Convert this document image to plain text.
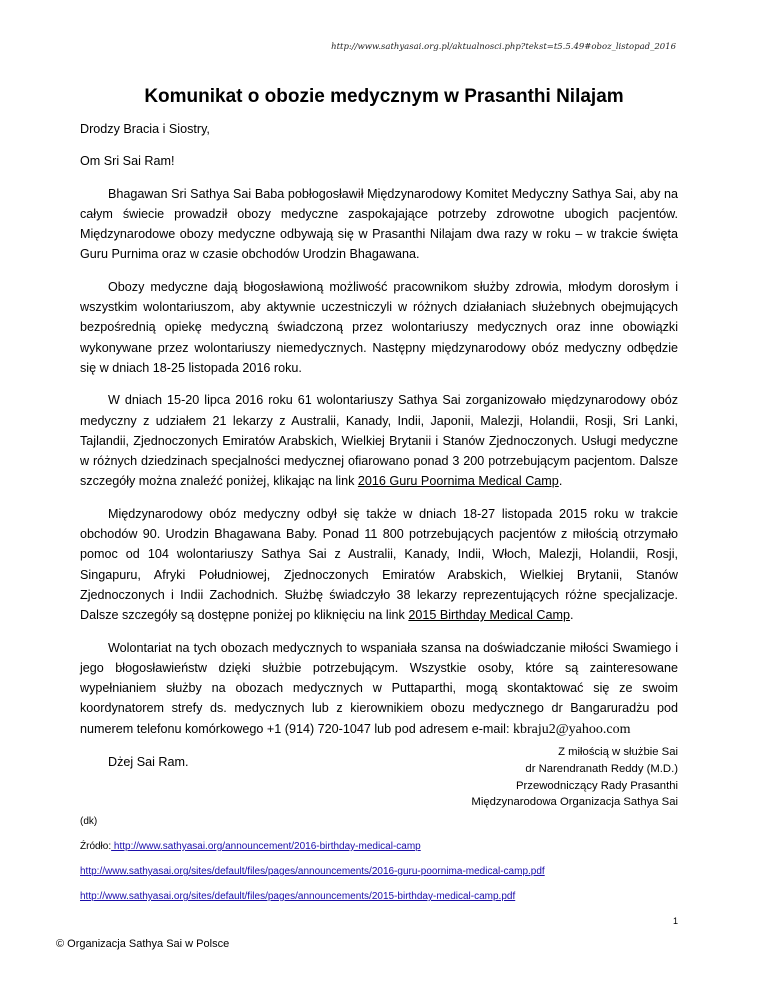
http://www.sathyasai.org.pl/aktualnosci.php?tekst=t5.5.49#oboz_listopad_2016
Komunikat o obozie medycznym w Prasanthi Nilajam

Drodzy Bracia i Siostry,

Om Sri Sai Ram!

Bhagawan Sri Sathya Sai Baba pobłogosławił Międzynarodowy Komitet Medyczny Sathya Sai, aby na całym świecie prowadził obozy medyczne zaspokajające potrzeby zdrowotne ubogich pacjentów. Międzynarodowe obozy medyczne odbywają się w Prasanthi Nilajam dwa razy w roku – w trakcie święta Guru Purnima oraz w czasie obchodów Urodzin Bhagawana.

Obozy medyczne dają błogosławioną możliwość pracownikom służby zdrowia, młodym dorosłym i wszystkim wolontariuszom, aby aktywnie uczestniczyli w różnych działaniach służebnych obejmujących bezpośrednią opiekę medyczną świadczoną przez wolontariuszy medycznych oraz inne obowiązki wykonywane przez wolontariuszy niemedycznych. Następny międzynarodowy obóz medyczny odbędzie się w dniach 18-25 listopada 2016 roku.

W dniach 15-20 lipca 2016 roku 61 wolontariuszy Sathya Sai zorganizowało międzynarodowy obóz medyczny z udziałem 21 lekarzy z Australii, Kanady, Indii, Japonii, Malezji, Holandii, Rosji, Sri Lanki, Tajlandii, Zjednoczonych Emiratów Arabskich, Wielkiej Brytanii i Stanów Zjednoczonych. Usługi medyczne w różnych dziedzinach specjalności medycznej ofiarowano ponad 3 200 potrzebującym pacjentom. Dalsze szczegóły można znaleźć poniżej, klikając na link 2016 Guru Poornima Medical Camp.

Międzynarodowy obóz medyczny odbył się także w dniach 18-27 listopada 2015 roku w trakcie obchodów 90. Urodzin Bhagawana Baby. Ponad 11 800 potrzebujących pacjentów z miłością otrzymało pomoc od 104 wolontariuszy Sathya Sai z Australii, Kanady, Indii, Włoch, Malezji, Holandii, Rosji, Singapuru, Afryki Południowej, Zjednoczonych Emiratów Arabskich, Wielkiej Brytanii, Stanów Zjednoczonych i Indii Zachodnich. Służbę świadczyło 38 lekarzy reprezentujących różne specjalizacje. Dalsze szczegóły są dostępne poniżej po kliknięciu na link 2015 Birthday Medical Camp.

Wolontariat na tych obozach medycznych to wspaniała szansa na doświadczanie miłości Swamiego i jego błogosławieństw dzięki służbie potrzebującym. Wszystkie osoby, które są zainteresowane wypełnianiem służby na obozach medycznych w Puttaparthi, mogą skontaktować się ze swoim koordynatorem strefy ds. medycznych lub z kierownikiem obozu medycznego dr Bangaruradżu pod numerem telefonu komórkowego +1 (914) 720-1047 lub pod adresem e-mail: kbraju2@yahoo.com

Dżej Sai Ram.

Z miłością w służbie Sai
dr Narendranath Reddy (M.D.)
Przewodniczący Rady Prasanthi
Międzynarodowa Organizacja Sathya Sai
(dk)
Źródło: http://www.sathyasai.org/announcement/2016-birthday-medical-camp
http://www.sathyasai.org/sites/default/files/pages/announcements/2016-guru-poornima-medical-camp.pdf
http://www.sathyasai.org/sites/default/files/pages/announcements/2015-birthday-medical-camp.pdf
1
© Organizacja Sathya Sai w Polsce
